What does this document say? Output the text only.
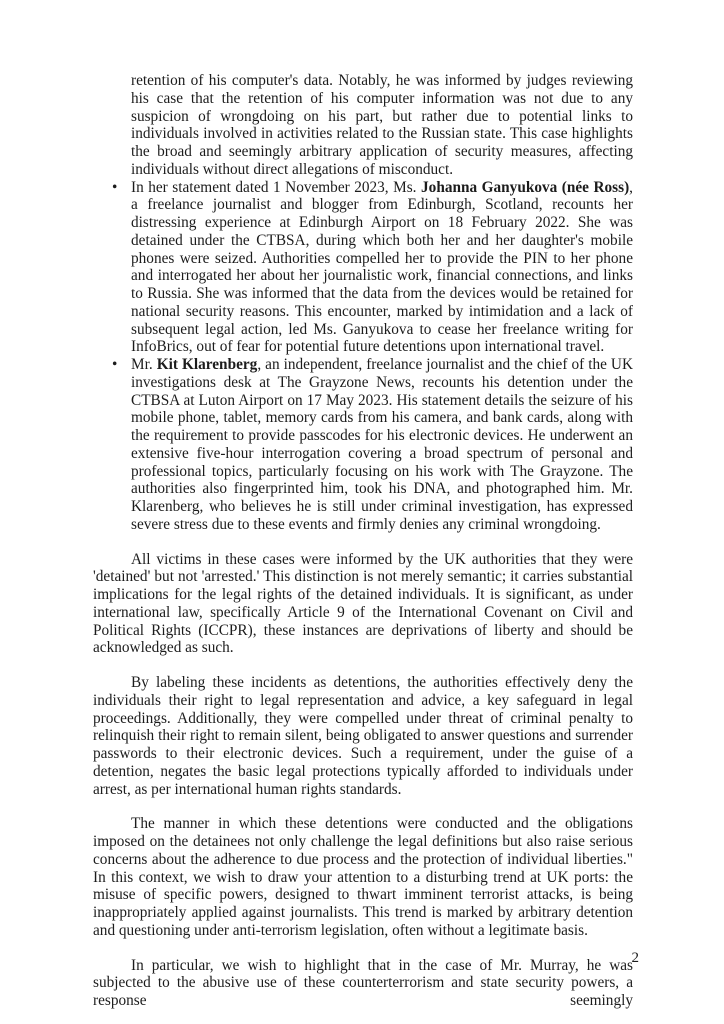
retention of his computer's data. Notably, he was informed by judges reviewing his case that the retention of his computer information was not due to any suspicion of wrongdoing on his part, but rather due to potential links to individuals involved in activities related to the Russian state. This case highlights the broad and seemingly arbitrary application of security measures, affecting individuals without direct allegations of misconduct.

• In her statement dated 1 November 2023, Ms. Johanna Ganyukova (née Ross), a freelance journalist and blogger from Edinburgh, Scotland, recounts her distressing experience at Edinburgh Airport on 18 February 2022. She was detained under the CTBSA, during which both her and her daughter's mobile phones were seized. Authorities compelled her to provide the PIN to her phone and interrogated her about her journalistic work, financial connections, and links to Russia. She was informed that the data from the devices would be retained for national security reasons. This encounter, marked by intimidation and a lack of subsequent legal action, led Ms. Ganyukova to cease her freelance writing for InfoBrics, out of fear for potential future detentions upon international travel.
• Mr. Kit Klarenberg, an independent, freelance journalist and the chief of the UK investigations desk at The Grayzone News, recounts his detention under the CTBSA at Luton Airport on 17 May 2023. His statement details the seizure of his mobile phone, tablet, memory cards from his camera, and bank cards, along with the requirement to provide passcodes for his electronic devices. He underwent an extensive five-hour interrogation covering a broad spectrum of personal and professional topics, particularly focusing on his work with The Grayzone. The authorities also fingerprinted him, took his DNA, and photographed him. Mr. Klarenberg, who believes he is still under criminal investigation, has expressed severe stress due to these events and firmly denies any criminal wrongdoing.

All victims in these cases were informed by the UK authorities that they were 'detained' but not 'arrested.' This distinction is not merely semantic; it carries substantial implications for the legal rights of the detained individuals. It is significant, as under international law, specifically Article 9 of the International Covenant on Civil and Political Rights (ICCPR), these instances are deprivations of liberty and should be acknowledged as such.

By labeling these incidents as detentions, the authorities effectively deny the individuals their right to legal representation and advice, a key safeguard in legal proceedings. Additionally, they were compelled under threat of criminal penalty to relinquish their right to remain silent, being obligated to answer questions and surrender passwords to their electronic devices. Such a requirement, under the guise of a detention, negates the basic legal protections typically afforded to individuals under arrest, as per international human rights standards.

The manner in which these detentions were conducted and the obligations imposed on the detainees not only challenge the legal definitions but also raise serious concerns about the adherence to due process and the protection of individual liberties." In this context, we wish to draw your attention to a disturbing trend at UK ports: the misuse of specific powers, designed to thwart imminent terrorist attacks, is being inappropriately applied against journalists. This trend is marked by arbitrary detention and questioning under anti-terrorism legislation, often without a legitimate basis.

In particular, we wish to highlight that in the case of Mr. Murray, he was subjected to the abusive use of these counterterrorism and state security powers, a response seemingly

2
